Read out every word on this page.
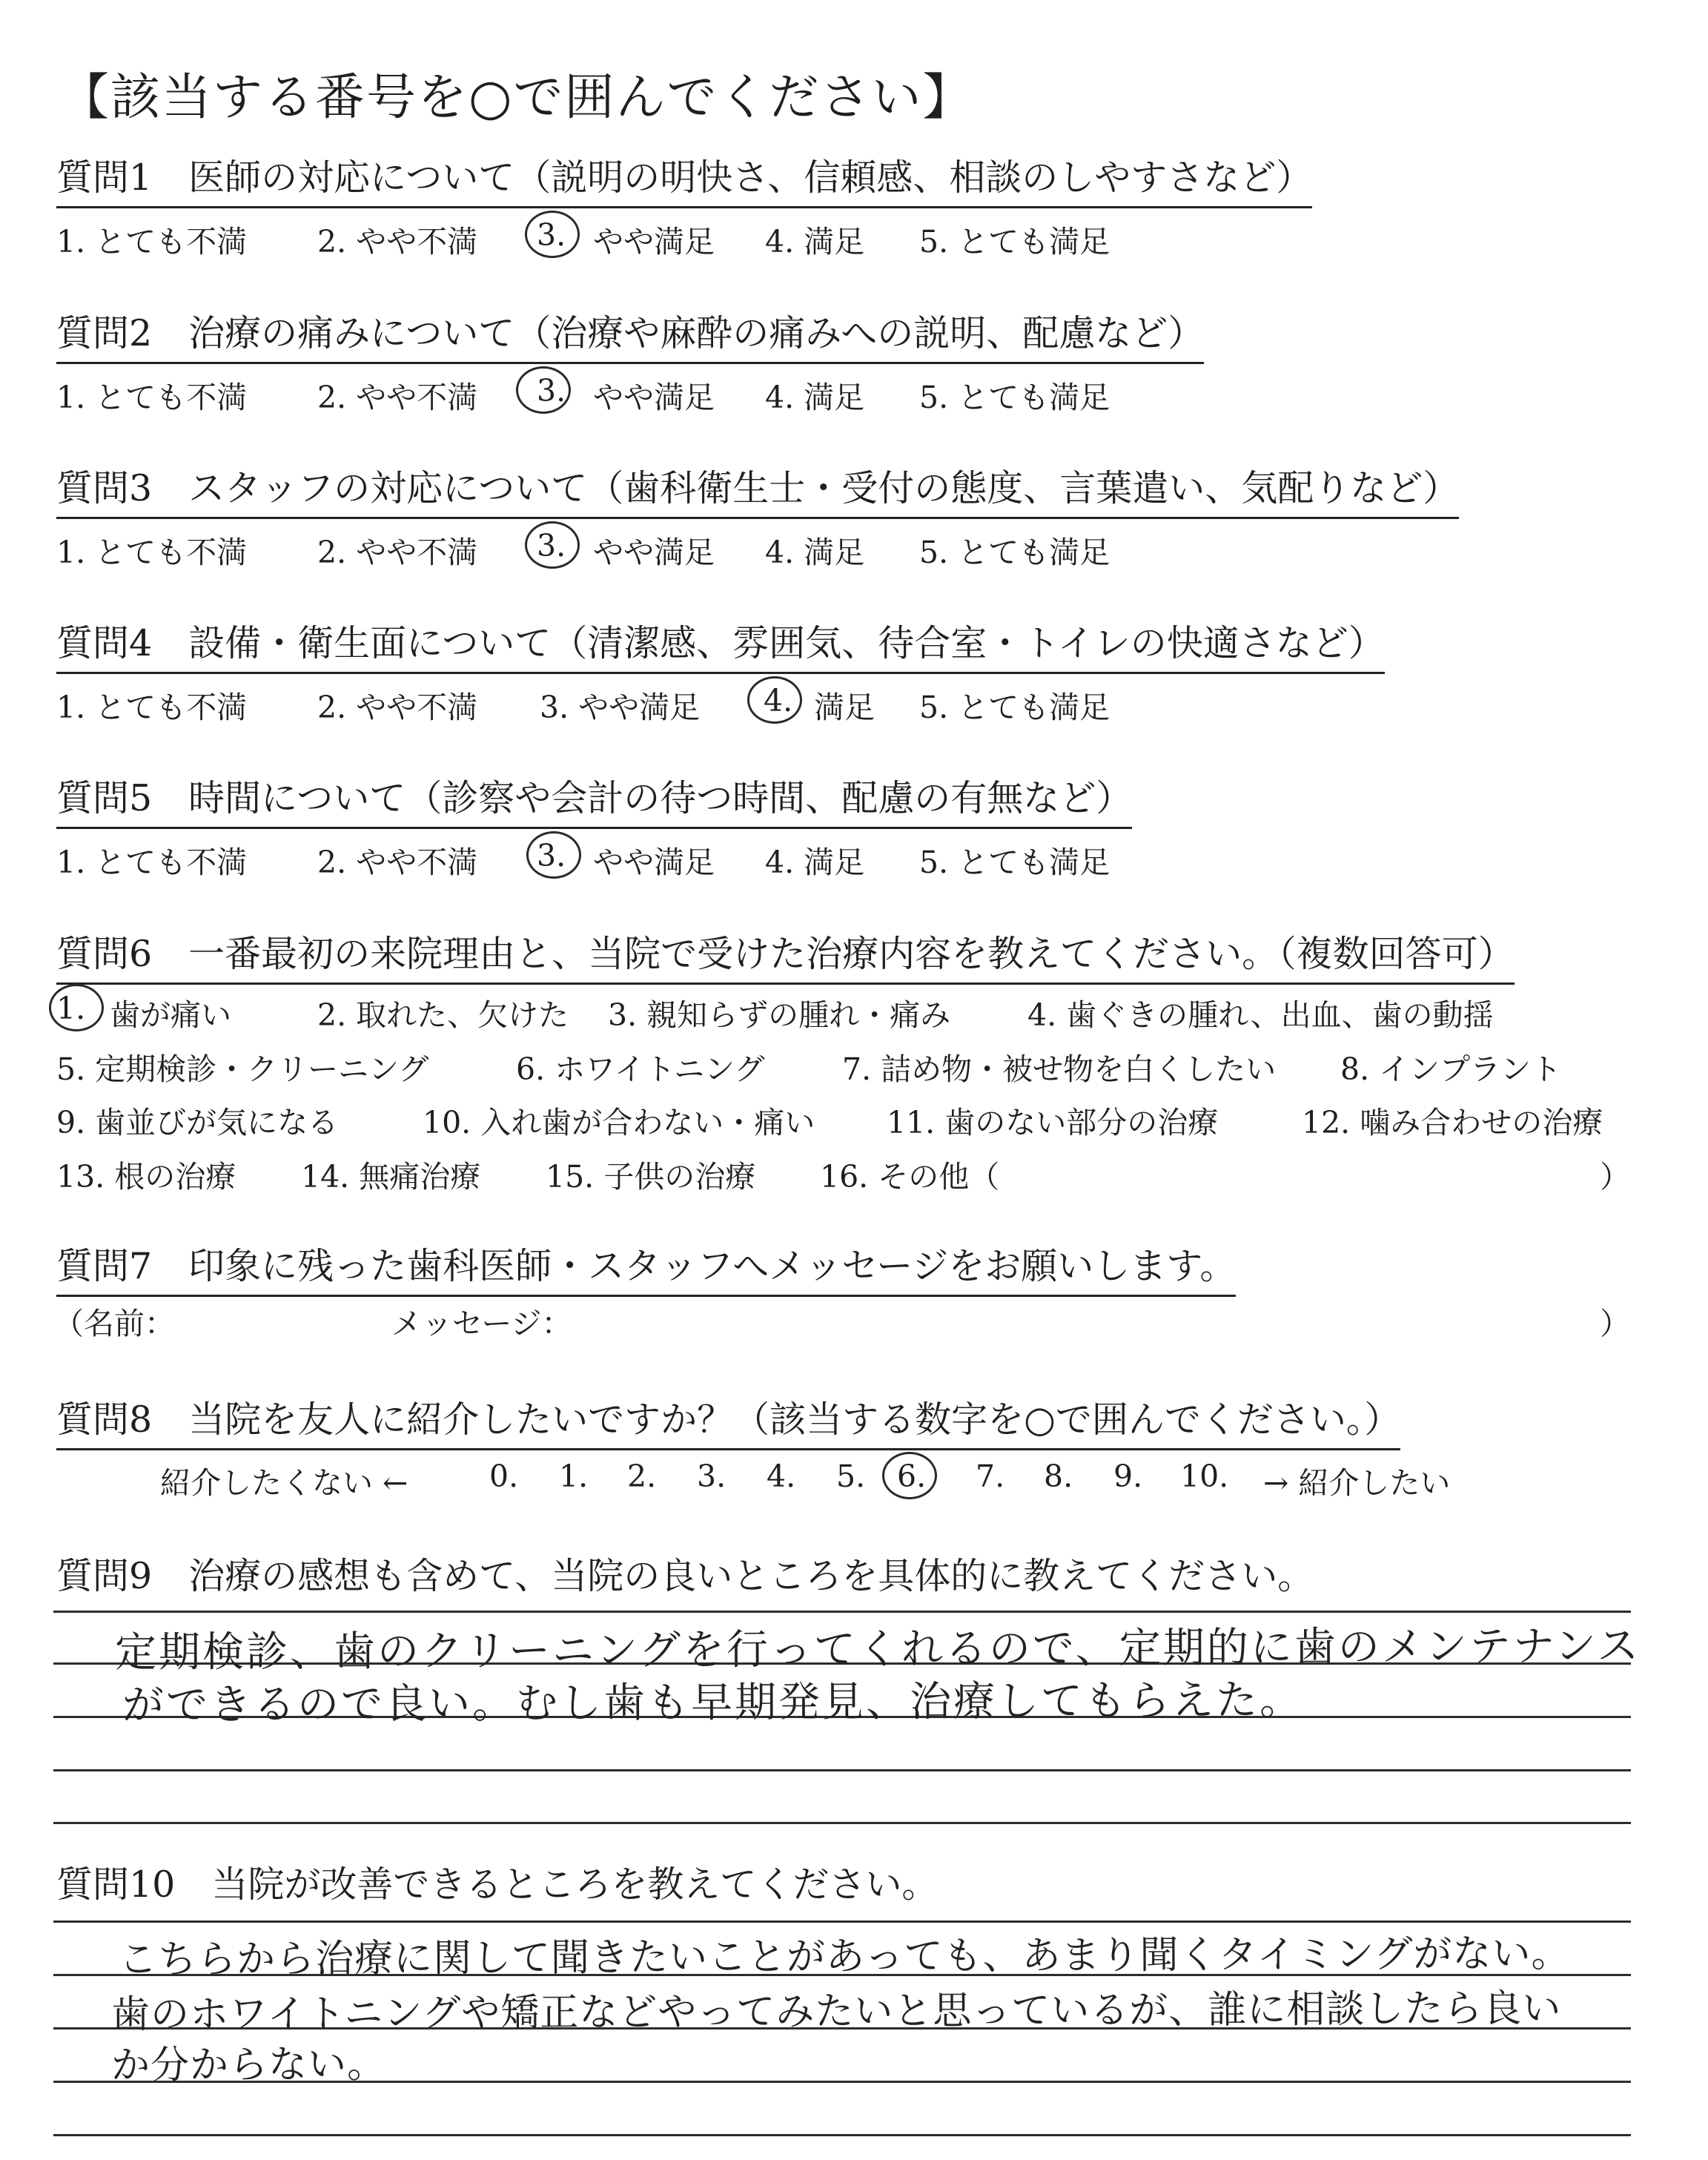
【該当する番号を○で囲んでください】
質問1　医師の対応について（説明の明快さ、信頼感、相談のしやすさなど）
1. とても不満 2. やや不満 3. やや満足 4. 満足 5. とても満足
質問2　治療の痛みについて（治療や麻酔の痛みへの説明、配慮など）
1. とても不満 2. やや不満 3. やや満足 4. 満足 5. とても満足
質問3　スタッフの対応について（歯科衛生士・受付の態度、言葉遣い、気配りなど）
1. とても不満 2. やや不満 3. やや満足 4. 満足 5. とても満足
質問4　設備・衛生面について（清潔感、雰囲気、待合室・トイレの快適さなど）
1. とても不満 2. やや不満 3. やや満足 4. 満足 5. とても満足
質問5　時間について（診察や会計の待つ時間、配慮の有無など）
1. とても不満 2. やや不満 3. やや満足 4. 満足 5. とても満足
質問6　一番最初の来院理由と、当院で受けた治療内容を教えてください。（複数回答可）
1. 歯が痛い	2. 取れた、欠けた 3. 親知らずの腫れ・痛み	4. 歯ぐきの腫れ、出血、歯の動揺
5. 定期検診・クリーニング	6. ホワイトニング	7. 詰め物・被せ物を白くしたい 8. インプラント
9. 歯並びが気になる	10. 入れ歯が合わない・痛い 11. 歯のない部分の治療	12. 噛み合わせの治療
13. 根の治療 14. 無痛治療 15. 子供の治療 16. その他（	）
質問7　印象に残った歯科医師・スタッフへメッセージをお願いします。
（名前：	メッセージ：	）
質問8　当院を友人に紹介したいですか？（該当する数字を○で囲んでください。）
紹介したくない ←	0. 1. 2. 3. 4. 5. 6. 7. 8. 9. 10. → 紹介したい
質問9　治療の感想も含めて、当院の良いところを具体的に教えてください。
定期検診、歯のクリーニングを行ってくれるので、定期的に歯のメンテナンス
ができるので良い。むし歯も早期発見、治療してもらえた。
質問10　当院が改善できるところを教えてください。
こちらから治療に関して聞きたいことがあっても、あまり聞くタイミングがない。
歯のホワイトニングや矯正などやってみたいと思っているが、誰に相談したら良い
か分からない。
